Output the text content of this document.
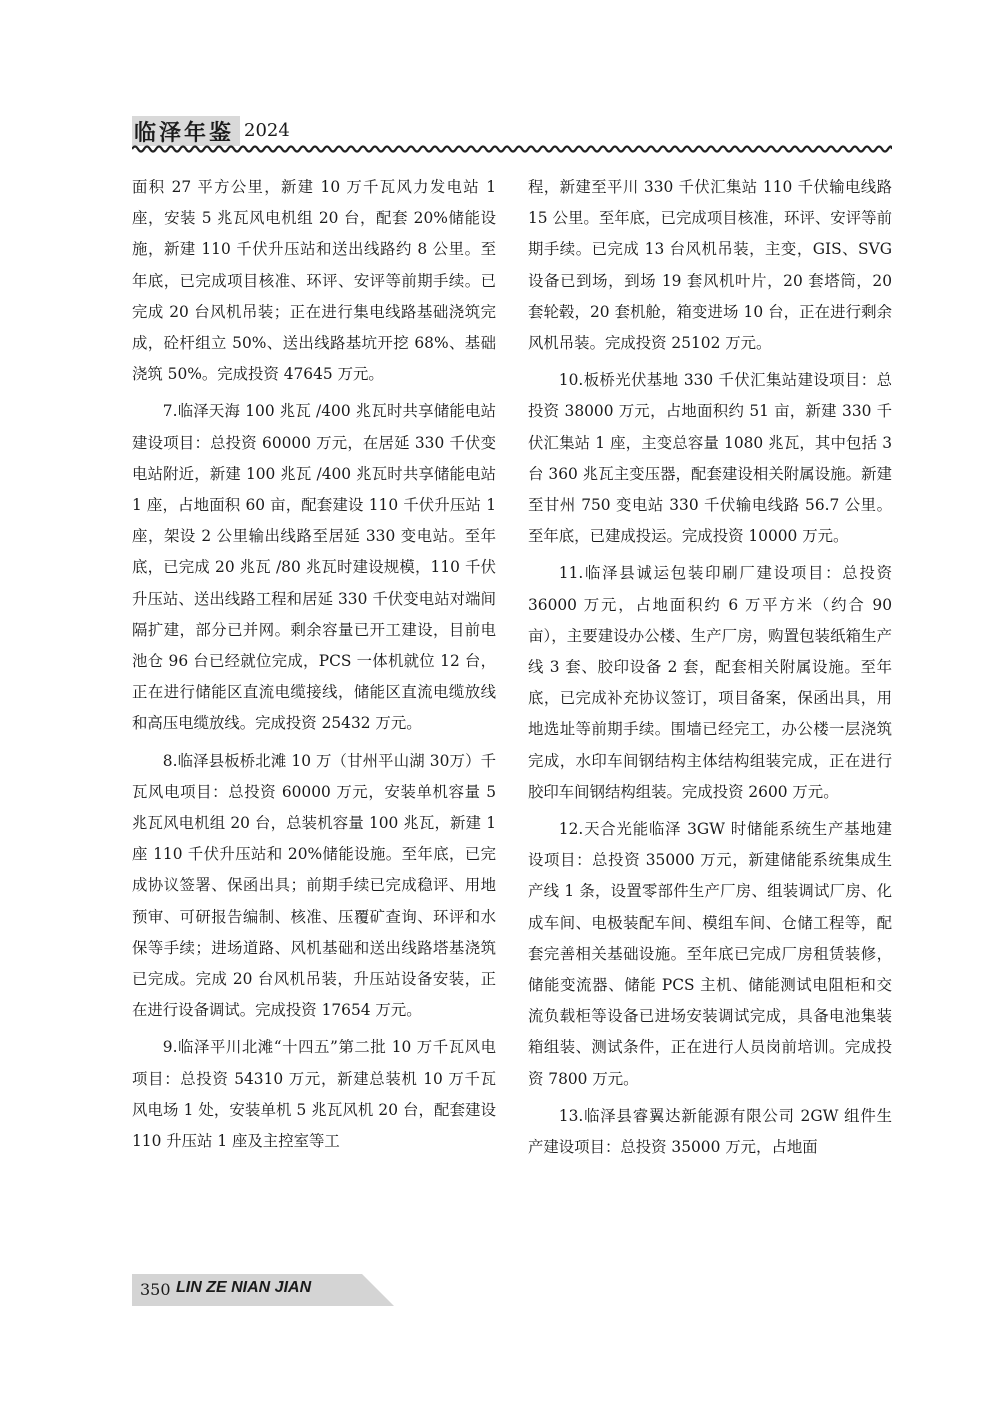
临泽年鉴 2024

面积 27 平方公里，新建 10 万千瓦风力发电站 1 座，安装 5 兆瓦风电机组 20 台，配套 20%储能设施，新建 110 千伏升压站和送出线路约 8 公里。至年底，已完成项目核准、环评、安评等前期手续。已完成 20 台风机吊装；正在进行集电线路基础浇筑完成，砼杆组立 50%、送出线路基坑开挖 68%、基础浇筑 50%。完成投资 47645 万元。

7.临泽天海 100 兆瓦 /400 兆瓦时共享储能电站建设项目：总投资 60000 万元，在居延 330 千伏变电站附近，新建 100 兆瓦 /400 兆瓦时共享储能电站 1 座，占地面积 60 亩，配套建设 110 千伏升压站 1 座，架设 2 公里输出线路至居延 330 变电站。至年底，已完成 20 兆瓦 /80 兆瓦时建设规模，110 千伏升压站、送出线路工程和居延 330 千伏变电站对端间隔扩建，部分已并网。剩余容量已开工建设，目前电池仓 96 台已经就位完成，PCS 一体机就位 12 台，正在进行储能区直流电缆接线，储能区直流电缆放线和高压电缆放线。完成投资 25432 万元。

8.临泽县板桥北滩 10 万（甘州平山湖 30万）千瓦风电项目：总投资 60000 万元，安装单机容量 5 兆瓦风电机组 20 台，总装机容量 100 兆瓦，新建 1 座 110 千伏升压站和 20%储能设施。至年底，已完成协议签署、保函出具；前期手续已完成稳评、用地预审、可研报告编制、核准、压覆矿查询、环评和水保等手续；进场道路、风机基础和送出线路塔基浇筑已完成。完成 20 台风机吊装，升压站设备安装，正在进行设备调试。完成投资 17654 万元。

9.临泽平川北滩“十四五”第二批 10 万千瓦风电项目：总投资 54310 万元，新建总装机 10 万千瓦风电场 1 处，安装单机 5 兆瓦风机 20 台，配套建设 110 升压站 1 座及主控室等工

程，新建至平川 330 千伏汇集站 110 千伏输电线路 15 公里。至年底，已完成项目核准，环评、安评等前期手续。已完成 13 台风机吊装，主变，GIS、SVG 设备已到场，到场 19 套风机叶片，20 套塔筒，20 套轮毂，20 套机舱，箱变进场 10 台，正在进行剩余风机吊装。完成投资 25102 万元。

10.板桥光伏基地 330 千伏汇集站建设项目：总投资 38000 万元，占地面积约 51 亩，新建 330 千伏汇集站 1 座，主变总容量 1080 兆瓦，其中包括 3 台 360 兆瓦主变压器，配套建设相关附属设施。新建至甘州 750 变电站 330 千伏输电线路 56.7 公里。至年底，已建成投运。完成投资 10000 万元。

11.临泽县诚运包装印刷厂建设项目：总投资 36000 万元，占地面积约 6 万平方米（约合 90 亩），主要建设办公楼、生产厂房，购置包装纸箱生产线 3 套、胶印设备 2 套，配套相关附属设施。至年底，已完成补充协议签订，项目备案，保函出具，用地选址等前期手续。围墙已经完工，办公楼一层浇筑完成，水印车间钢结构主体结构组装完成，正在进行胶印车间钢结构组装。完成投资 2600 万元。

12.天合光能临泽 3GW 时储能系统生产基地建设项目：总投资 35000 万元，新建储能系统集成生产线 1 条，设置零部件生产厂房、组装调试厂房、化成车间、电极装配车间、模组车间、仓储工程等，配套完善相关基础设施。至年底已完成厂房租赁装修，储能变流器、储能 PCS 主机、储能测试电阻柜和交流负载柜等设备已进场安装调试完成，具备电池集装箱组装、测试条件，正在进行人员岗前培训。完成投资 7800 万元。

13.临泽县睿翼达新能源有限公司 2GW 组件生产建设项目：总投资 35000 万元，占地面

350 LIN ZE NIAN JIAN
